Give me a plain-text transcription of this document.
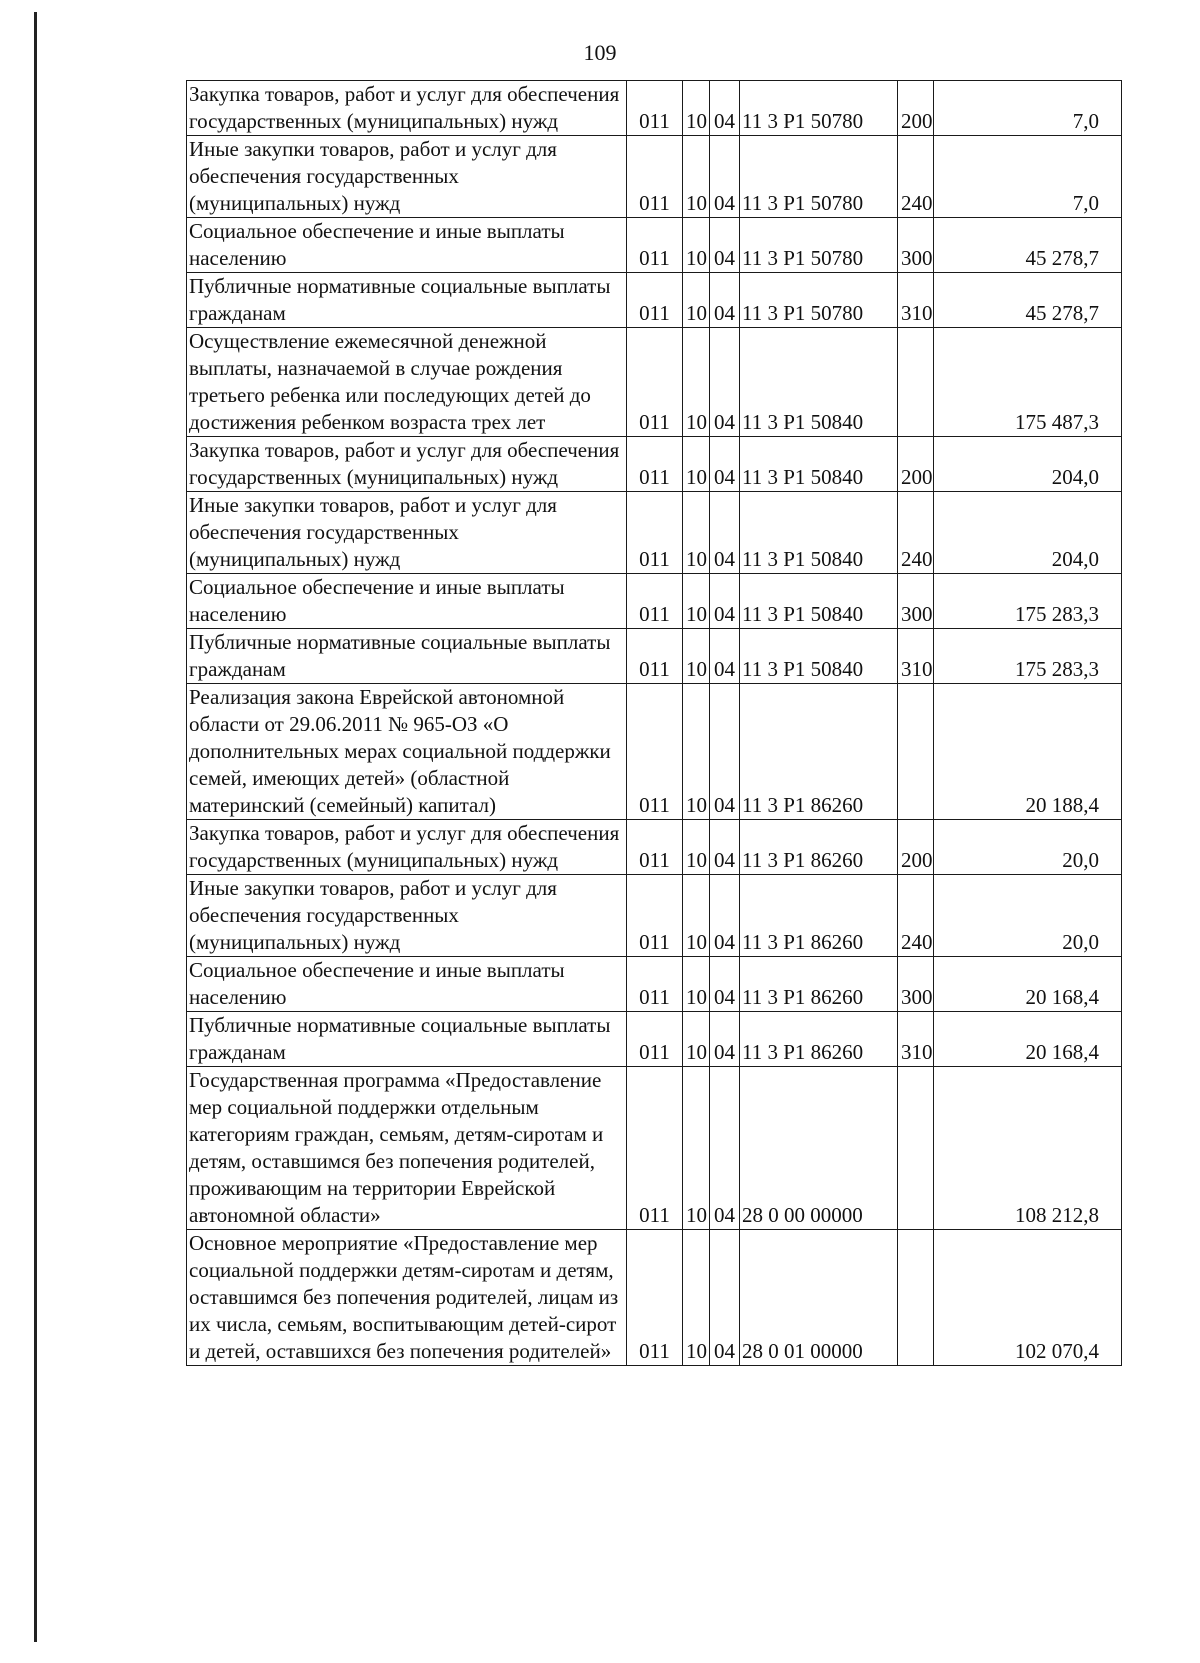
109
Закупка товаров, работ и услуг для обеспечения государственных (муниципальных) нужд	011	10	04	11 3 P1 50780	200	7,0
Иные закупки товаров, работ и услуг для обеспечения государственных (муниципальных) нужд	011	10	04	11 3 P1 50780	240	7,0
Социальное обеспечение и иные выплаты населению	011	10	04	11 3 P1 50780	300	45 278,7
Публичные нормативные социальные выплаты гражданам	011	10	04	11 3 P1 50780	310	45 278,7
Осуществление ежемесячной денежной выплаты, назначаемой в случае рождения третьего ребенка или последующих детей до достижения ребенком возраста трех лет	011	10	04	11 3 P1 50840		175 487,3
Закупка товаров, работ и услуг для обеспечения государственных (муниципальных) нужд	011	10	04	11 3 P1 50840	200	204,0
Иные закупки товаров, работ и услуг для обеспечения государственных (муниципальных) нужд	011	10	04	11 3 P1 50840	240	204,0
Социальное обеспечение и иные выплаты населению	011	10	04	11 3 P1 50840	300	175 283,3
Публичные нормативные социальные выплаты гражданам	011	10	04	11 3 P1 50840	310	175 283,3
Реализация закона Еврейской автономной области от 29.06.2011 № 965-ОЗ «О дополнительных мерах социальной поддержки семей, имеющих детей» (областной материнский (семейный) капитал)	011	10	04	11 3 P1 86260		20 188,4
Закупка товаров, работ и услуг для обеспечения государственных (муниципальных) нужд	011	10	04	11 3 P1 86260	200	20,0
Иные закупки товаров, работ и услуг для обеспечения государственных (муниципальных) нужд	011	10	04	11 3 P1 86260	240	20,0
Социальное обеспечение и иные выплаты населению	011	10	04	11 3 P1 86260	300	20 168,4
Публичные нормативные социальные выплаты гражданам	011	10	04	11 3 P1 86260	310	20 168,4
Государственная программа «Предоставление мер социальной поддержки отдельным категориям граждан, семьям, детям-сиротам и детям, оставшимся без попечения родителей, проживающим на территории Еврейской автономной области»	011	10	04	28 0 00 00000		108 212,8
Основное мероприятие «Предоставление мер социальной поддержки детям-сиротам и детям, оставшимся без попечения родителей, лицам из их числа, семьям, воспитывающим детей-сирот и детей, оставшихся без попечения родителей»	011	10	04	28 0 01 00000		102 070,4
